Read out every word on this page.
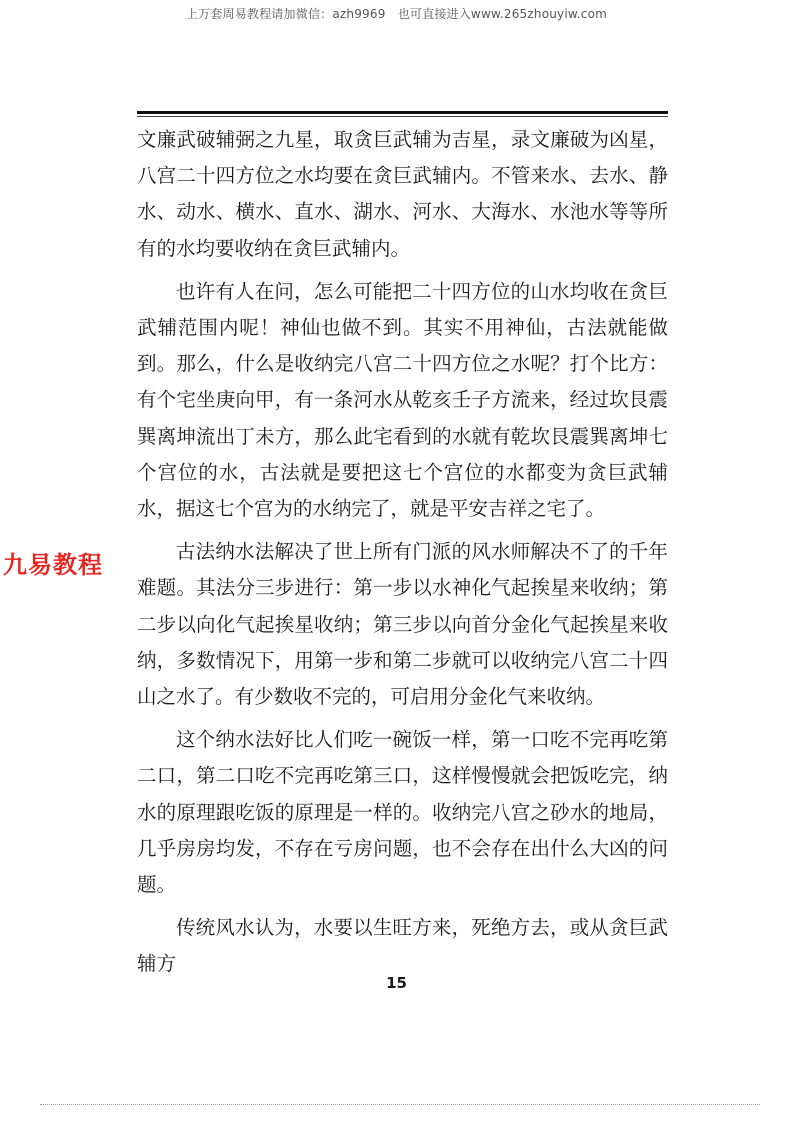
上万套周易教程请加微信：azh9969　也可直接进入www.265zhouyiw.com

文廉武破辅弼之九星，取贪巨武辅为吉星，录文廉破为凶星，八宫二十四方位之水均要在贪巨武辅内。不管来水、去水、静水、动水、横水、直水、湖水、河水、大海水、水池水等等所有的水均要收纳在贪巨武辅内。

也许有人在问，怎么可能把二十四方位的山水均收在贪巨武辅范围内呢！神仙也做不到。其实不用神仙，古法就能做到。那么，什么是收纳完八宫二十四方位之水呢？打个比方：有个宅坐庚向甲，有一条河水从乾亥壬子方流来，经过坎艮震巽离坤流出丁未方，那么此宅看到的水就有乾坎艮震巽离坤七个宫位的水，古法就是要把这七个宫位的水都变为贪巨武辅水，据这七个宫为的水纳完了，就是平安吉祥之宅了。

古法纳水法解决了世上所有门派的风水师解决不了的千年难题。其法分三步进行：第一步以水神化气起挨星来收纳；第二步以向化气起挨星收纳；第三步以向首分金化气起挨星来收纳，多数情况下，用第一步和第二步就可以收纳完八宫二十四山之水了。有少数收不完的，可启用分金化气来收纳。

这个纳水法好比人们吃一碗饭一样，第一口吃不完再吃第二口，第二口吃不完再吃第三口，这样慢慢就会把饭吃完，纳水的原理跟吃饭的原理是一样的。收纳完八宫之砂水的地局，几乎房房均发，不存在亏房问题，也不会存在出什么大凶的问题。

传统风水认为，水要以生旺方来，死绝方去，或从贪巨武辅方

九易教程
15
